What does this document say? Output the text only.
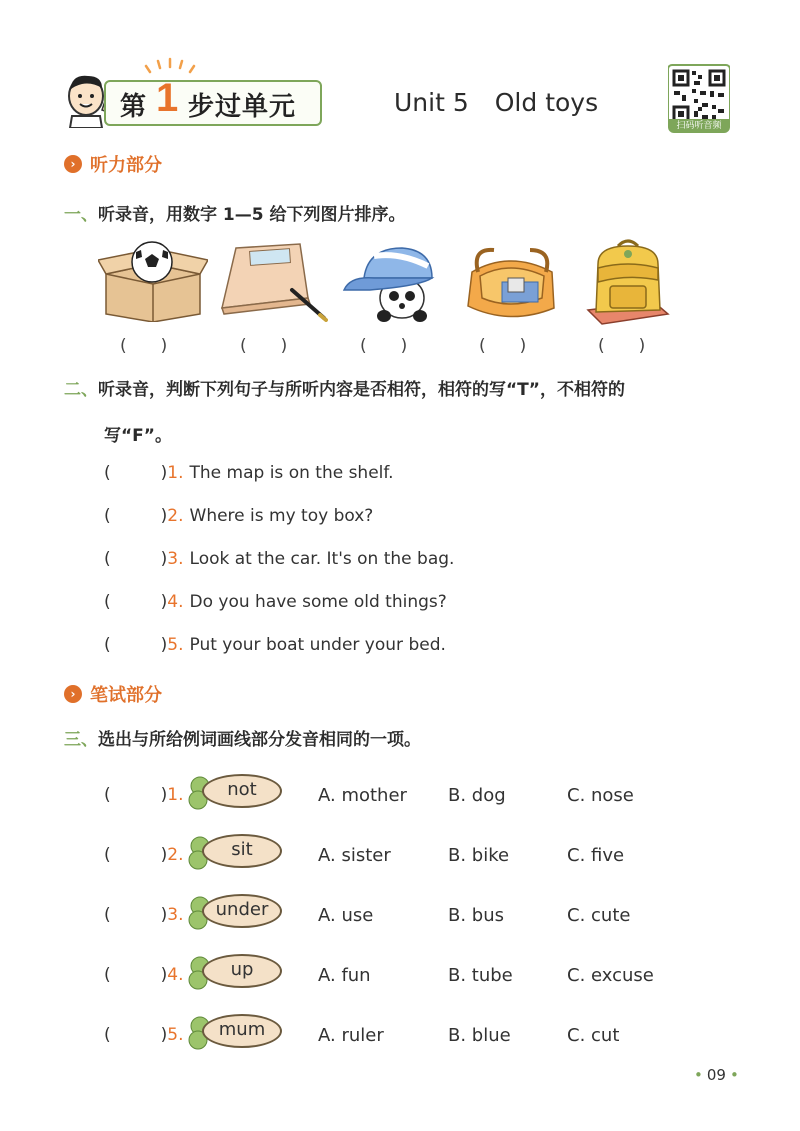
第 1 步过单元	Unit 5 Old toys
扫码听音频
› 听力部分
一、听录音，用数字 1—5 给下列图片排序。
(　　)	(　　)	(　　)	(　　)	(　　)
二、听录音，判断下列句子与所听内容是否相符，相符的写“T”，不相符的
写“F”。
(	) 1. The map is on the shelf.
(	) 2. Where is my toy box?
(	) 3. Look at the car. It's on the bag.
(	) 4. Do you have some old things?
(	) 5. Put your boat under your bed.
› 笔试部分
三、选出与所给例词画线部分发音相同的一项。
(	) 1.	not	A. mother B. dog	C. nose
(	) 2.	sit	A. sister	B. bike	C. five
(	) 3.	under	A. use	B. bus	C. cute
(	) 4.	up	A. fun	B. tube	C. excuse
(	) 5.	mum	A. ruler	B. blue	C. cut
• 09 •
